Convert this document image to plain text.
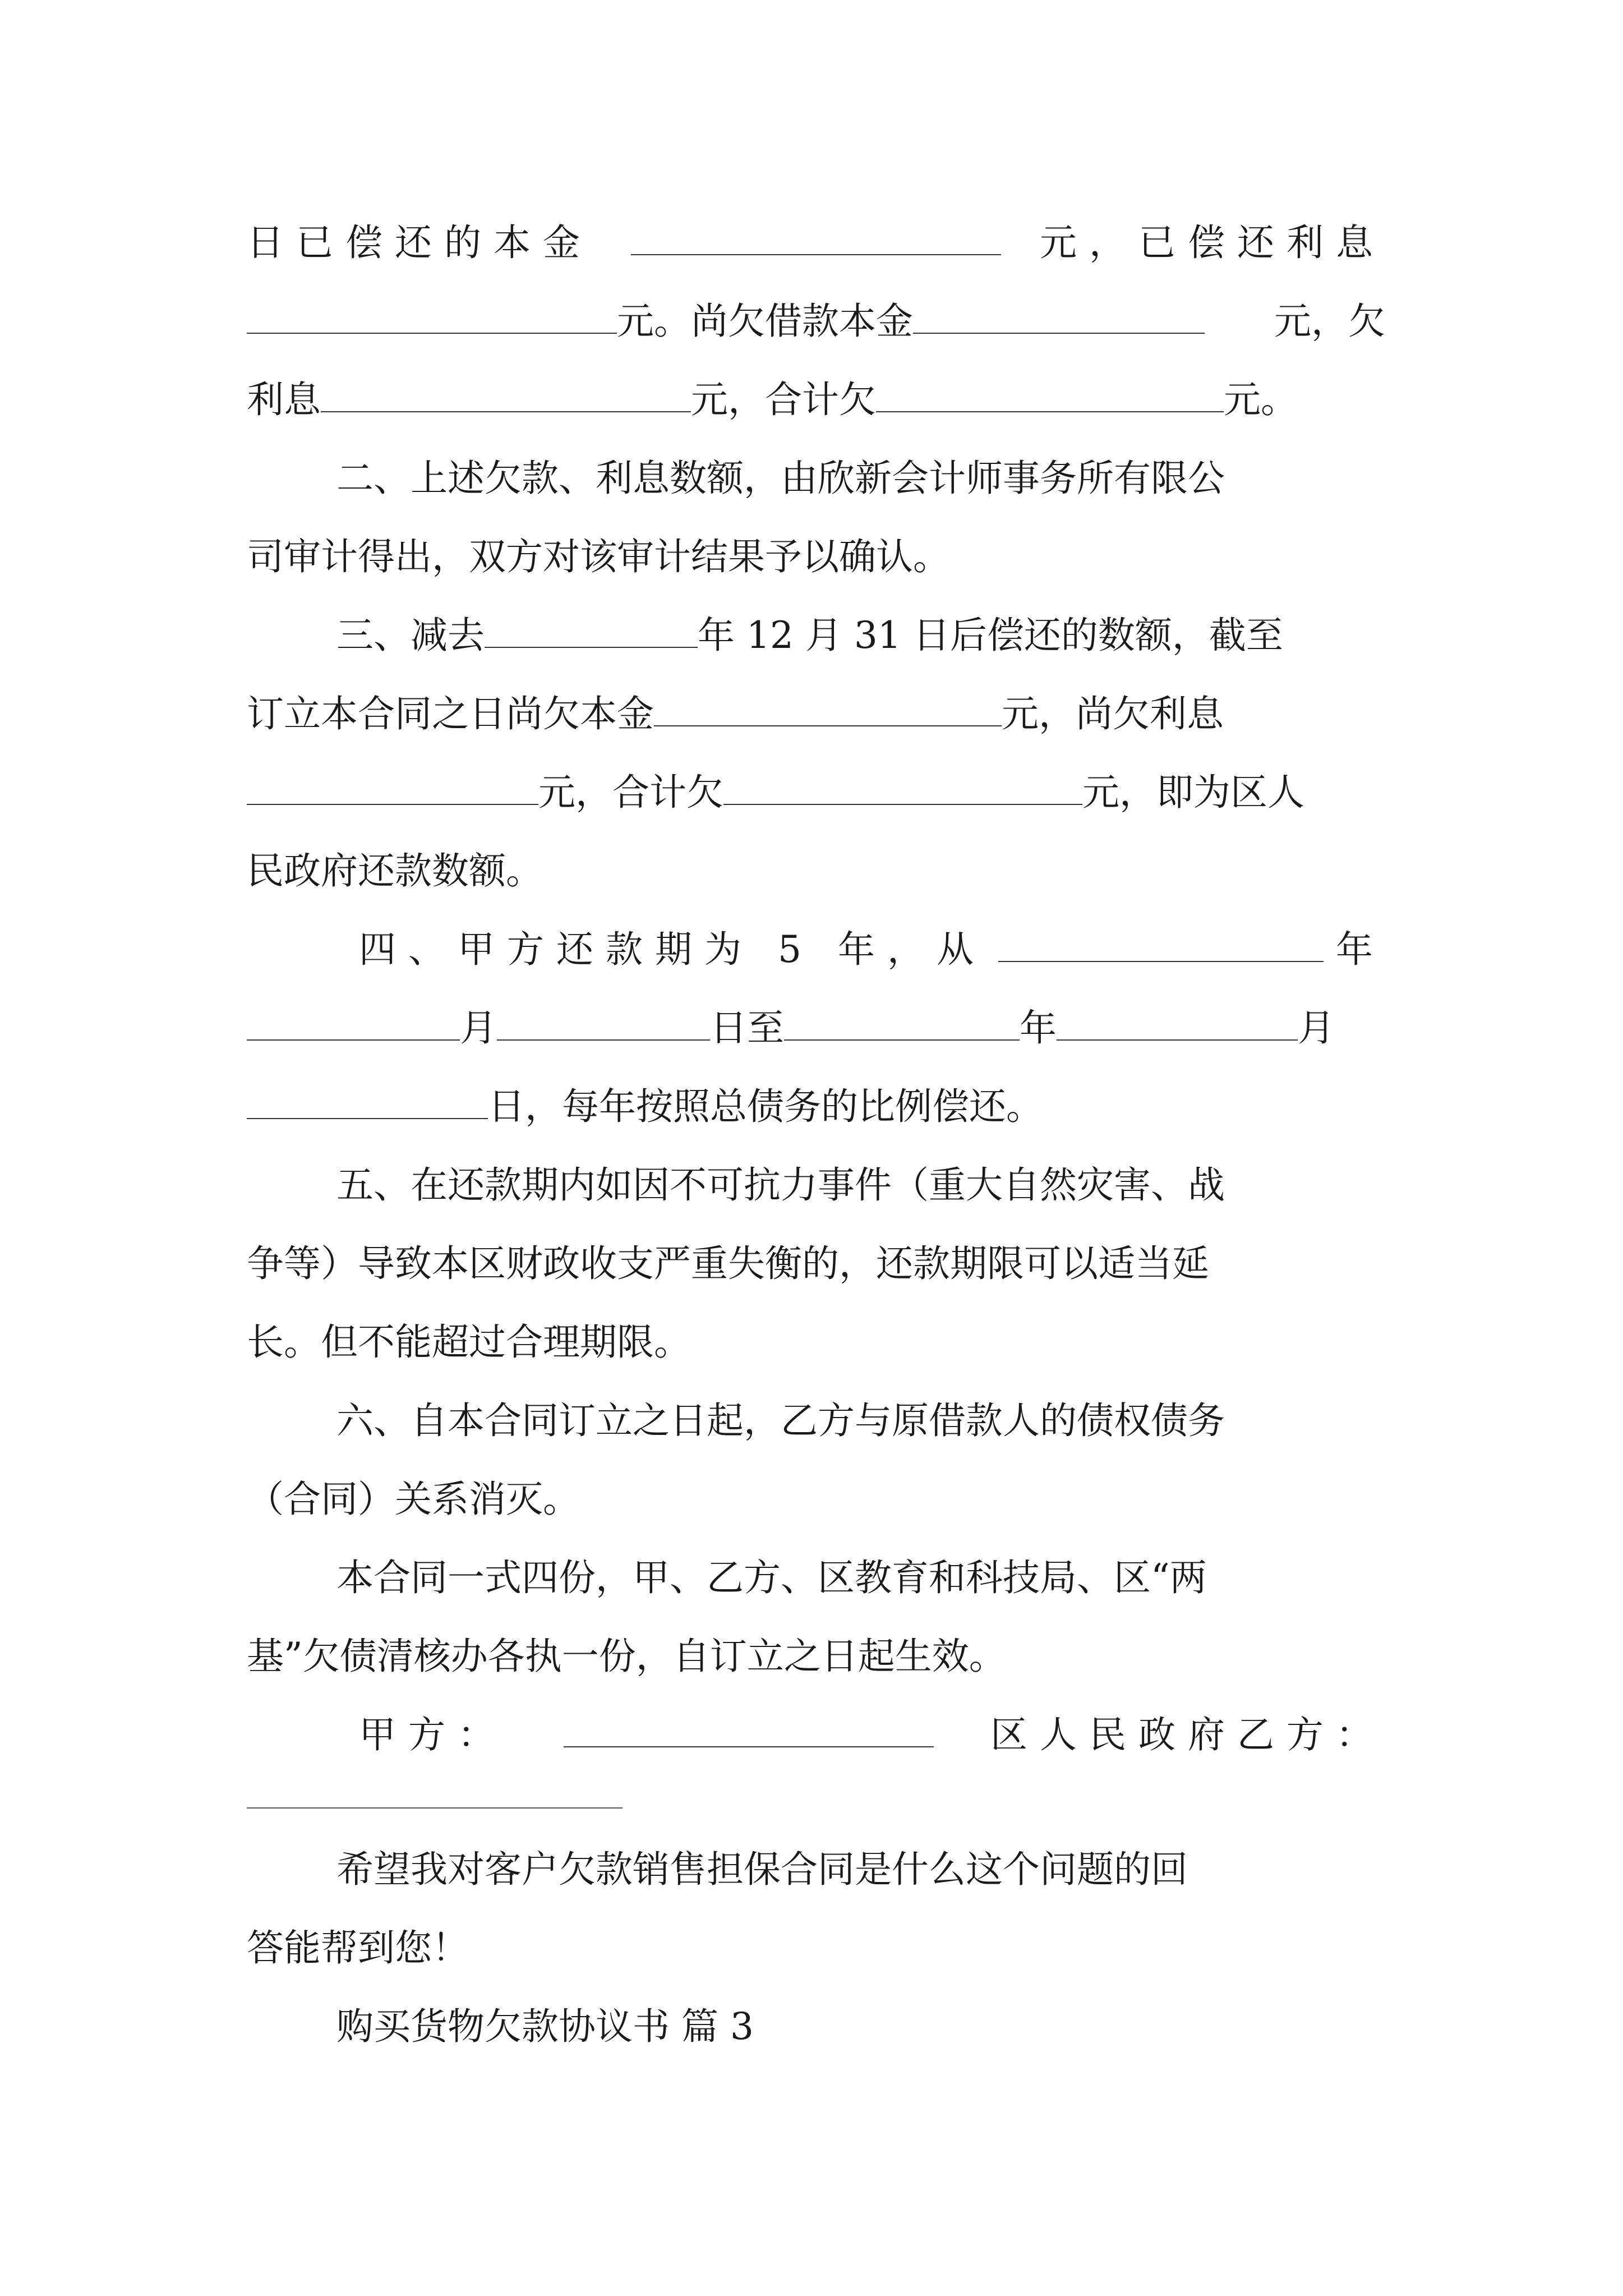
日已偿还的本金	元，已偿还利息
元。尚欠借款本金	元，欠
利息	元，合计欠	元。
二、上述欠款、利息数额，由欣新会计师事务所有限公
司审计得出，双方对该审计结果予以确认。
三、减去	年 12 月 31 日后偿还的数额，截至
订立本合同之日尚欠本金	元，尚欠利息
元，合计欠	元，即为区人
民政府还款数额。
四、甲方还款期为 5 年，从	年
月	日至	年	月
日，每年按照总债务的比例偿还。
五、在还款期内如因不可抗力事件（重大自然灾害、战
争等）导致本区财政收支严重失衡的，还款期限可以适当延
长。但不能超过合理期限。
六、自本合同订立之日起，乙方与原借款人的债权债务
（合同）关系消灭。
本合同一式四份，甲、乙方、区教育和科技局、区“两
基”欠债清核办各执一份，自订立之日起生效。
甲方：	区人民政府乙方：
希望我对客户欠款销售担保合同是什么这个问题的回
答能帮到您！
购买货物欠款协议书 篇 3
